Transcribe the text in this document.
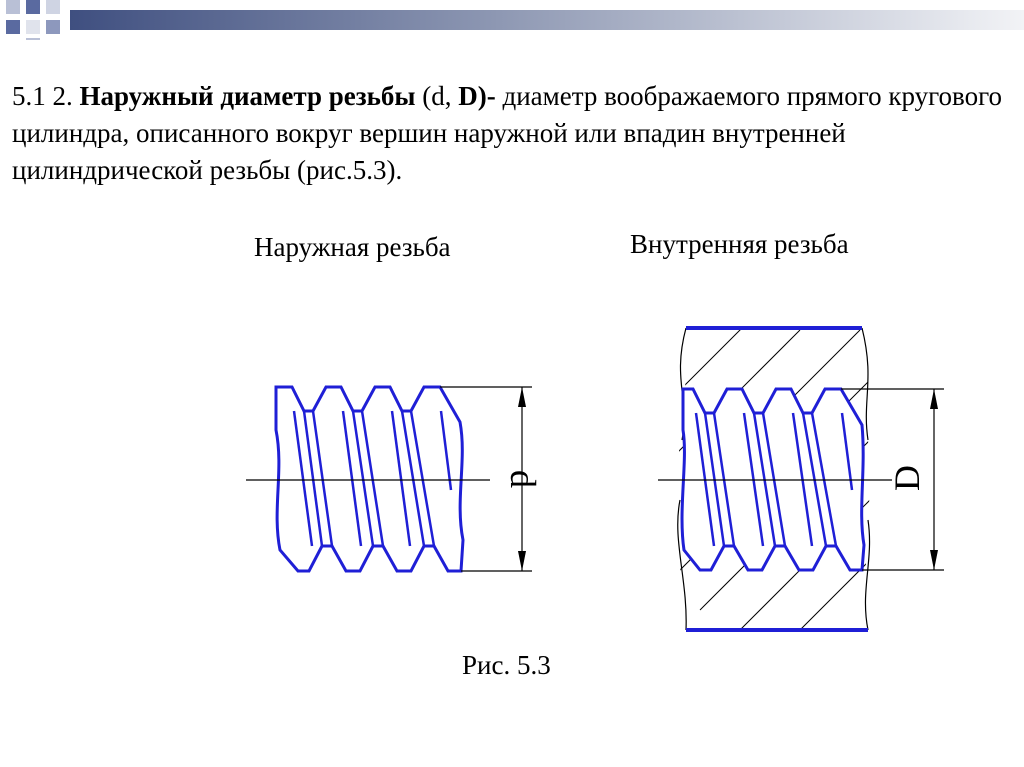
5.1 2. Наружный диаметр резьбы (d, D)- диаметр воображаемого прямого кругового цилиндра, описанного вокруг вершин наружной или впадин внутренней цилиндрической резьбы (рис.5.3).

Наружная резьба	Внутренняя резьба
d	D
Рис. 5.3
